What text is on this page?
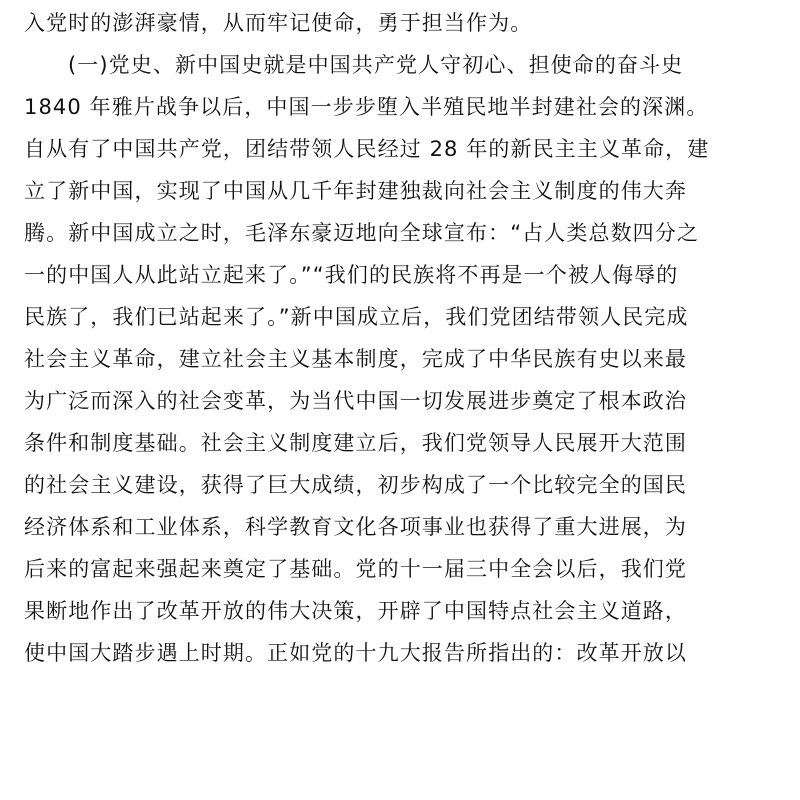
入党时的澎湃豪情，从而牢记使命，勇于担当作为。
(一)党史、新中国史就是中国共产党人守初心、担使命的奋斗史
1840 年雅片战争以后，中国一步步堕入半殖民地半封建社会的深渊。
自从有了中国共产党，团结带领人民经过 28 年的新民主主义革命，建
立了新中国，实现了中国从几千年封建独裁向社会主义制度的伟大奔
腾。新中国成立之时，毛泽东豪迈地向全球宣布：“占人类总数四分之
一的中国人从此站立起来了。”“我们的民族将不再是一个被人侮辱的
民族了，我们已站起来了。”新中国成立后，我们党团结带领人民完成
社会主义革命，建立社会主义基本制度，完成了中华民族有史以来最
为广泛而深入的社会变革，为当代中国一切发展进步奠定了根本政治
条件和制度基础。社会主义制度建立后，我们党领导人民展开大范围
的社会主义建设，获得了巨大成绩，初步构成了一个比较完全的国民
经济体系和工业体系，科学教育文化各项事业也获得了重大进展，为
后来的富起来强起来奠定了基础。党的十一届三中全会以后，我们党
果断地作出了改革开放的伟大决策，开辟了中国特点社会主义道路，
使中国大踏步遇上时期。正如党的十九大报告所指出的：改革开放以
